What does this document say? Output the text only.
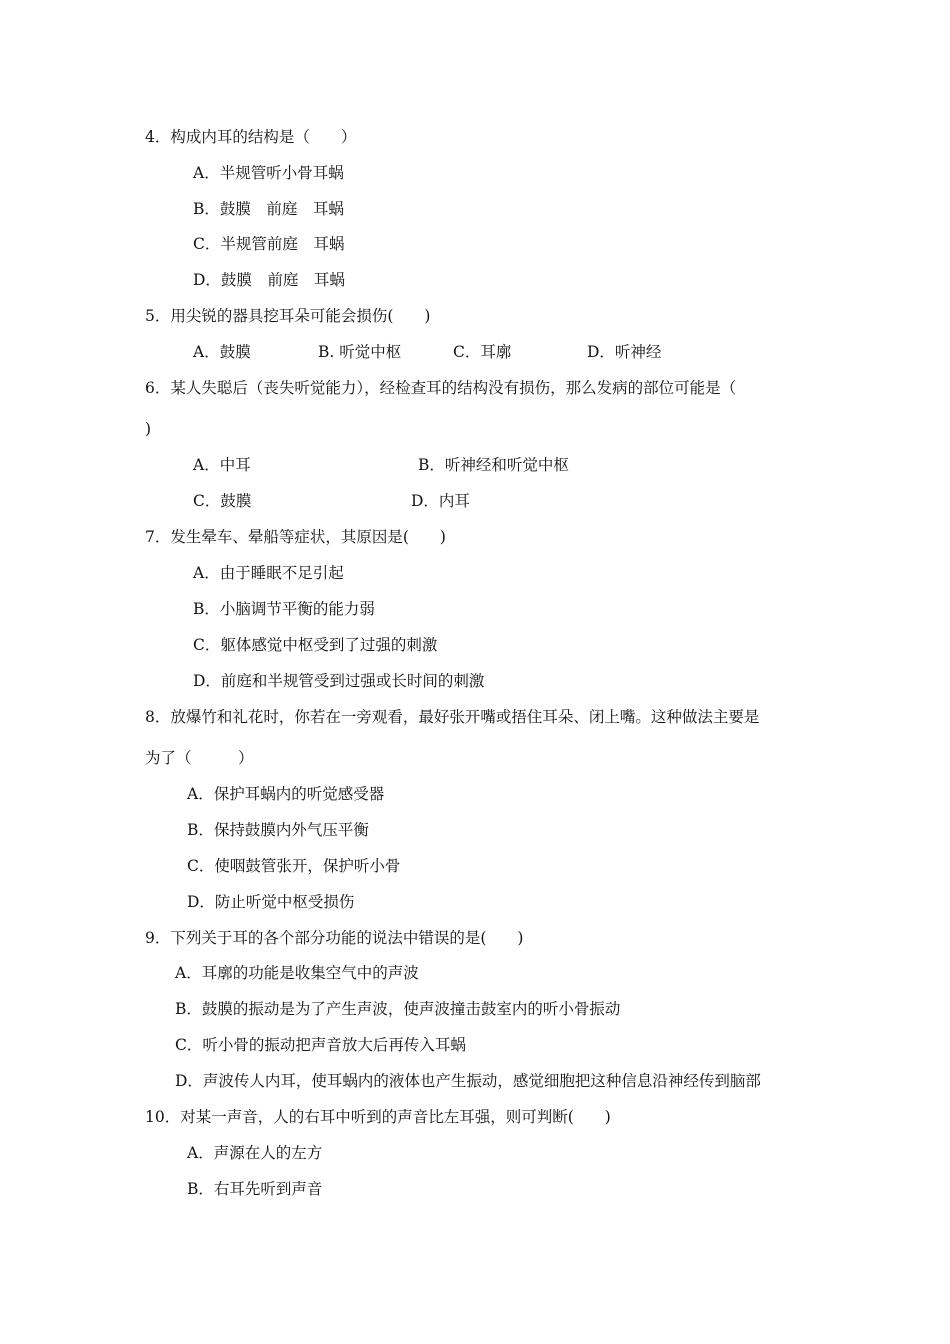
4．构成内耳的结构是（　　）
A．半规管听小骨耳蜗
B．鼓膜　前庭　耳蜗
C．半规管前庭　耳蜗
D．鼓膜　前庭　耳蜗
5．用尖锐的器具挖耳朵可能会损伤(　　)
A．鼓膜	B. 听觉中枢	C．耳廓	D．听神经
6．某人失聪后（丧失听觉能力），经检查耳的结构没有损伤，那么发病的部位可能是（
)
A．中耳	B．听神经和听觉中枢
C．鼓膜	D．内耳
7．发生晕车、晕船等症状，其原因是(　　)
A．由于睡眠不足引起
B．小脑调节平衡的能力弱
C．躯体感觉中枢受到了过强的刺激
D．前庭和半规管受到过强或长时间的刺激
8．放爆竹和礼花时，你若在一旁观看，最好张开嘴或捂住耳朵、闭上嘴。这种做法主要是
为了（　　　）
A．保护耳蜗内的听觉感受器
B．保持鼓膜内外气压平衡
C．使咽鼓管张开，保护听小骨
D．防止听觉中枢受损伤
9．下列关于耳的各个部分功能的说法中错误的是(　　)
A．耳廓的功能是收集空气中的声波
B．鼓膜的振动是为了产生声波，使声波撞击鼓室内的听小骨振动
C．听小骨的振动把声音放大后再传入耳蜗
D．声波传人内耳，使耳蜗内的液体也产生振动，感觉细胞把这种信息沿神经传到脑部
10．对某一声音，人的右耳中听到的声音比左耳强，则可判断(　　)
A．声源在人的左方
B．右耳先听到声音
